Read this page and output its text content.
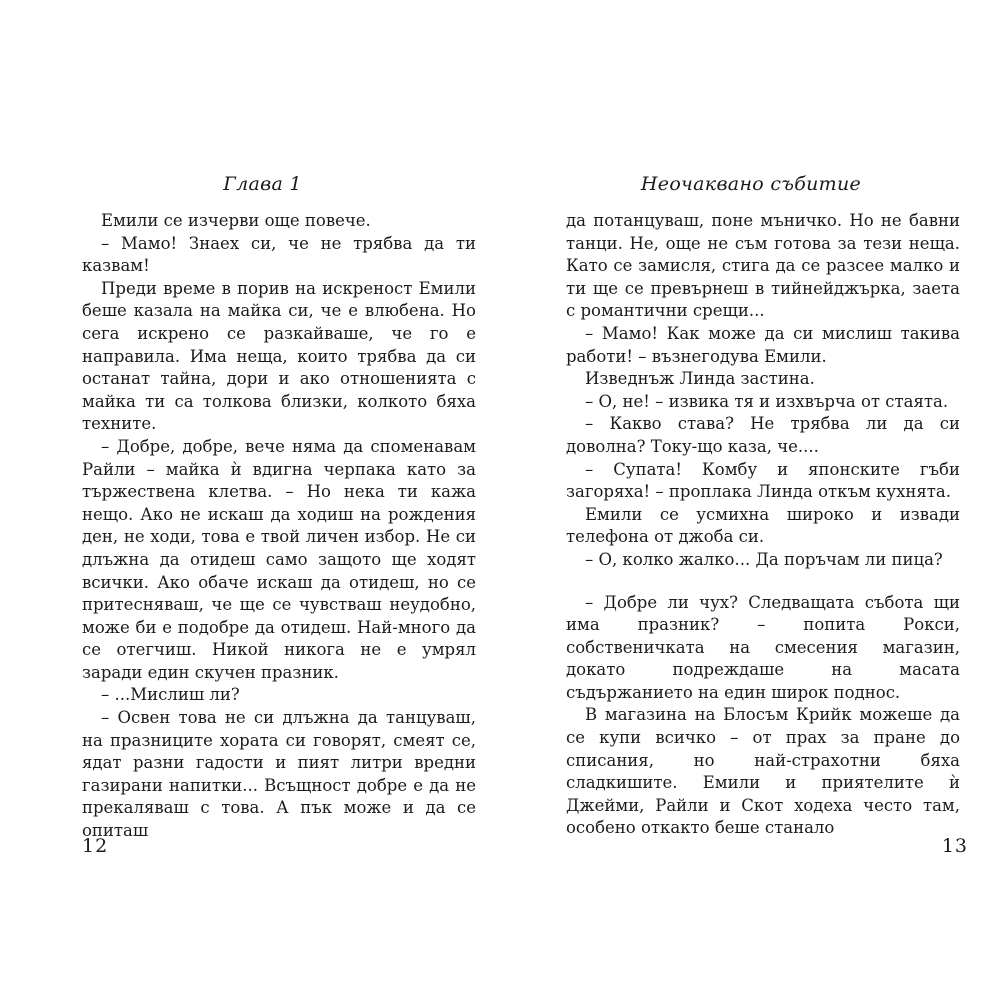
Глава 1

Емили се изчерви още повече.

– Мамо! Знаех си, че не трябва да ти казвам!

Преди време в порив на искреност Емили беше казала на майка си, че е влюбена. Но сега искрено се разкайваше, че го е направила. Има неща, които трябва да си останат тайна, дори и ако отношенията с майка ти са толкова близки, колкото бяха техните.

– Добре, добре, вече няма да споменавам Райли – майка ѝ вдигна черпака като за тържествена клетва. – Но нека ти кажа нещо. Ако не искаш да ходиш на рождения ден, не ходи, това е твой личен избор. Не си длъжна да отидеш само защото ще ходят всички. Ако обаче искаш да отидеш, но се притесняваш, че ще се чувстваш неудобно, може би е подобре да отидеш. Най-много да се отегчиш. Никой никога не е умрял заради един скучен празник.

– ...Мислиш ли?

– Освен това не си длъжна да танцуваш, на празниците хората си говорят, смеят се, ядат разни гадости и пият литри вредни газирани напитки... Всъщност добре е да не прекаляваш с това. А пък може и да се опиташ

12
Неочаквано събитие

да потанцуваш, поне мъничко. Но не бавни танци. Не, още не съм готова за тези неща. Като се замисля, стига да се разсее малко и ти ще се превърнеш в тийнейджърка, заета с романтични срещи...

– Мамо! Как може да си мислиш такива работи! – възнегодува Емили.

Изведнъж Линда застина.

– О, не! – извика тя и изхвърча от стаята.

– Какво става? Не трябва ли да си доволна? Току-що каза, че....

– Супата! Комбу и японските гъби загоряха! – проплака Линда откъм кухнята.

Емили се усмихна широко и извади телефона от джоба си.

– О, колко жалко... Да поръчам ли пица?

– Добре ли чух? Следващата събота щи има празник? – попита Рокси, собственичката на смесения магазин, докато подреждаше на масата съдържанието на един широк поднос.

В магазина на Блосъм Крийк можеше да се купи всичко – от прах за пране до списания, но най-страхотни бяха сладкишите. Емили и приятелите ѝ Джейми, Райли и Скот ходеха често там, особено откакто беше станало

13
